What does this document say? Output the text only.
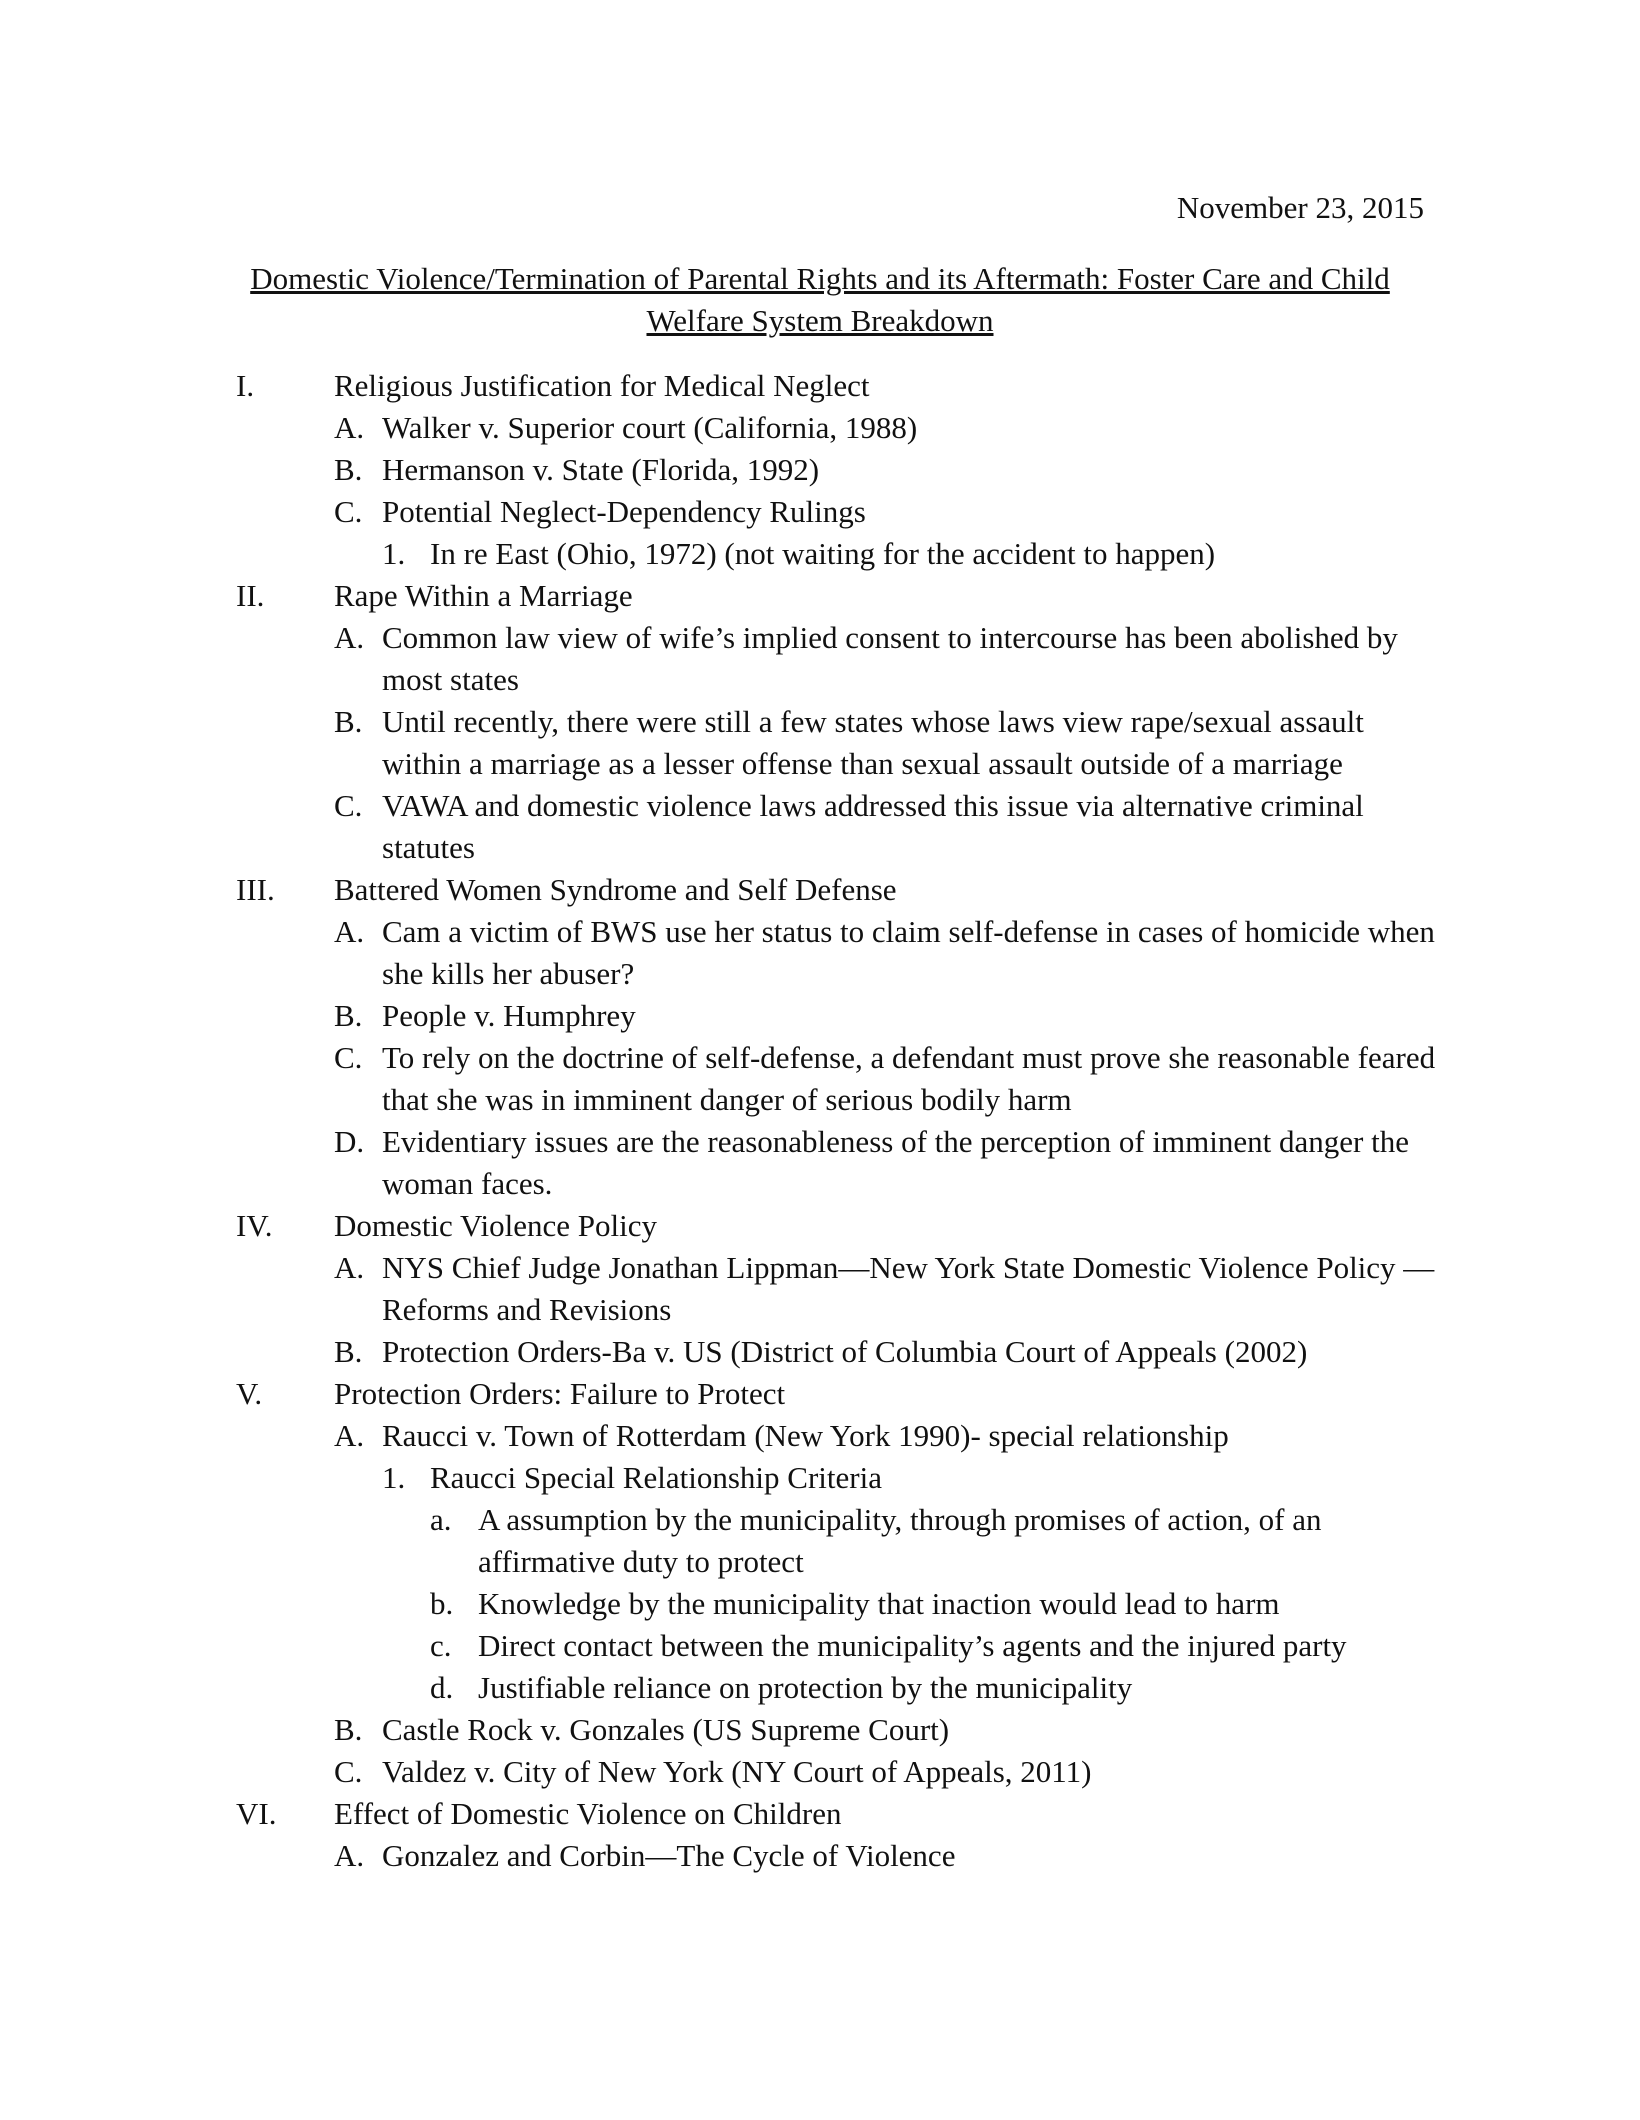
November 23, 2015
Domestic Violence/Termination of Parental Rights and its Aftermath: Foster Care and Child Welfare System Breakdown
I.	Religious Justification for Medical Neglect
A. Walker v. Superior court (California, 1988)
B. Hermanson v. State (Florida, 1992)
C. Potential Neglect-Dependency Rulings
1. In re East (Ohio, 1972) (not waiting for the accident to happen)
II. Rape Within a Marriage
A. Common law view of wife’s implied consent to intercourse has been abolished by most states
B. Until recently, there were still a few states whose laws view rape/sexual assault within a marriage as a lesser offense than sexual assault outside of a marriage
C. VAWA and domestic violence laws addressed this issue via alternative criminal statutes
III. Battered Women Syndrome and Self Defense
A. Cam a victim of BWS use her status to claim self-defense in cases of homicide when she kills her abuser?
B. People v. Humphrey
C. To rely on the doctrine of self-defense, a defendant must prove she reasonable feared that she was in imminent danger of serious bodily harm
D. Evidentiary issues are the reasonableness of the perception of imminent danger the woman faces.
IV. Domestic Violence Policy
A. NYS Chief Judge Jonathan Lippman—New York State Domestic Violence Policy —Reforms and Revisions
B. Protection Orders-Ba v. US (District of Columbia Court of Appeals (2002)
V. Protection Orders: Failure to Protect
A. Raucci v. Town of Rotterdam (New York 1990)- special relationship
1. Raucci Special Relationship Criteria
a. A assumption by the municipality, through promises of action, of an affirmative duty to protect
b. Knowledge by the municipality that inaction would lead to harm
c. Direct contact between the municipality’s agents and the injured party
d. Justifiable reliance on protection by the municipality
B. Castle Rock v. Gonzales (US Supreme Court)
C. Valdez v. City of New York (NY Court of Appeals, 2011)
VI. Effect of Domestic Violence on Children
A. Gonzalez and Corbin—The Cycle of Violence
